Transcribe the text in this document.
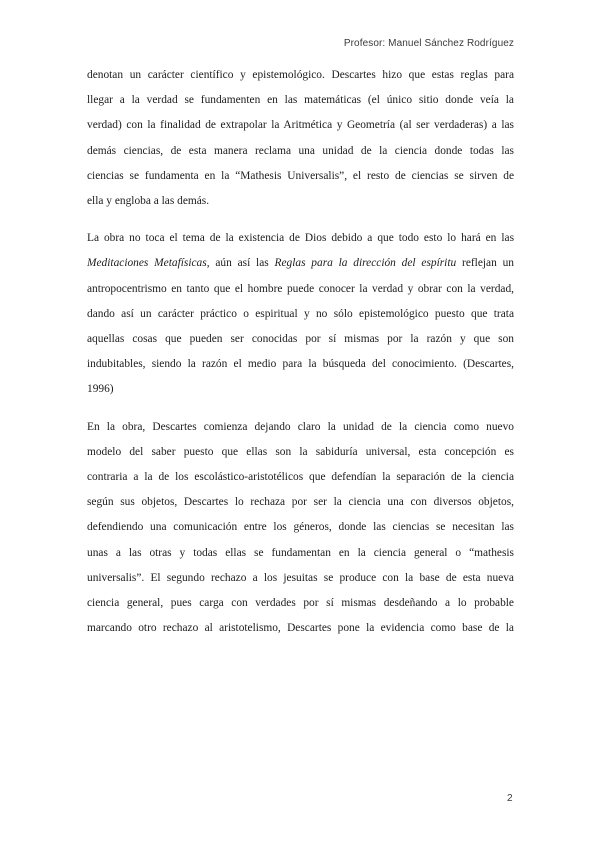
Profesor: Manuel Sánchez Rodríguez
denotan un carácter científico y epistemológico. Descartes hizo que estas reglas para
llegar a la verdad se fundamenten en las matemáticas (el único sitio donde veía la
verdad) con la finalidad de extrapolar la Aritmética y Geometría (al ser verdaderas) a las
demás ciencias, de esta manera reclama una unidad de la ciencia donde todas las
ciencias se fundamenta en la “Mathesis Universalis”, el resto de ciencias se sirven de
ella y engloba a las demás.
La obra no toca el tema de la existencia de Dios debido a que todo esto lo hará en las
Meditaciones Metafísicas, aún así las Reglas para la dirección del espíritu reflejan un
antropocentrismo en tanto que el hombre puede conocer la verdad y obrar con la verdad,
dando así un carácter práctico o espiritual y no sólo epistemológico puesto que trata
aquellas cosas que pueden ser conocidas por sí mismas por la razón y que son
indubitables, siendo la razón el medio para la búsqueda del conocimiento. (Descartes,
1996)
En la obra, Descartes comienza dejando claro la unidad de la ciencia como nuevo
modelo del saber puesto que ellas son la sabiduría universal, esta concepción es
contraria a la de los escolástico-aristotélicos que defendían la separación de la ciencia
según sus objetos, Descartes lo rechaza por ser la ciencia una con diversos objetos,
defendiendo una comunicación entre los géneros, donde las ciencias se necesitan las
unas a las otras y todas ellas se fundamentan en la ciencia general o “mathesis
universalis”. El segundo rechazo a los jesuitas se produce con la base de esta nueva
ciencia general, pues carga con verdades por sí mismas desdeñando a lo probable
marcando otro rechazo al aristotelismo, Descartes pone la evidencia como base de la
2
